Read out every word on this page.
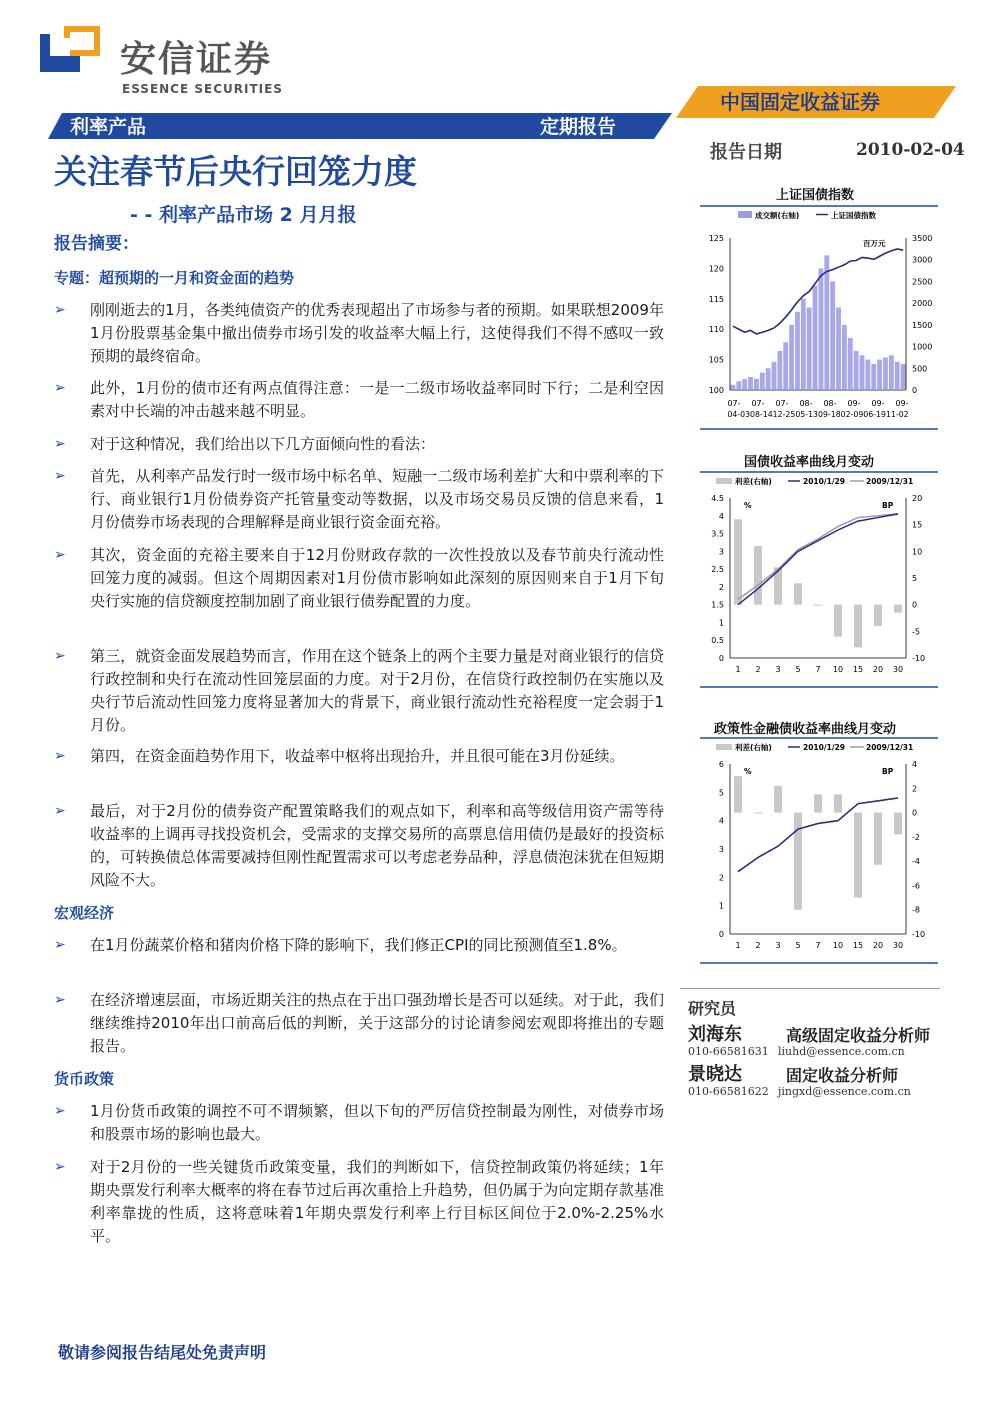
安信证券
ESSENCE SECURITIES
中国固定收益证券
利率产品	定期报告
关注春节后央行回笼力度
- - 利率产品市场 2 月月报
报告摘要：
专题：超预期的一月和资金面的趋势
➢ 刚刚逝去的1月，各类纯债资产的优秀表现超出了市场参与者的预期。如果联想2009年1月份股票基金集中撤出债券市场引发的收益率大幅上行，这使得我们不得不感叹一致预期的最终宿命。
➢ 此外，1月份的债市还有两点值得注意：一是一二级市场收益率同时下行；二是利空因素对中长端的冲击越来越不明显。
➢ 对于这种情况，我们给出以下几方面倾向性的看法：
➢ 首先，从利率产品发行时一级市场中标名单、短融一二级市场利差扩大和中票利率的下行、商业银行1月份债券资产托管量变动等数据，以及市场交易员反馈的信息来看，1月份债券市场表现的合理解释是商业银行资金面充裕。
➢ 其次，资金面的充裕主要来自于12月份财政存款的一次性投放以及春节前央行流动性回笼力度的减弱。但这个周期因素对1月份债市影响如此深刻的原因则来自于1月下旬央行实施的信贷额度控制加剧了商业银行债券配置的力度。
➢ 第三，就资金面发展趋势而言，作用在这个链条上的两个主要力量是对商业银行的信贷行政控制和央行在流动性回笼层面的力度。对于2月份，在信贷行政控制仍在实施以及央行节后流动性回笼力度将显著加大的背景下，商业银行流动性充裕程度一定会弱于1月份。
➢ 第四，在资金面趋势作用下，收益率中枢将出现抬升，并且很可能在3月份延续。
➢ 最后，对于2月份的债券资产配置策略我们的观点如下，利率和高等级信用资产需等待收益率的上调再寻找投资机会，受需求的支撑交易所的高票息信用债仍是最好的投资标的，可转换债总体需要减持但刚性配置需求可以考虑老券品种，浮息债泡沫犹在但短期风险不大。
宏观经济
➢ 在1月份蔬菜价格和猪肉价格下降的影响下，我们修正CPI的同比预测值至1.8%。
➢ 在经济增速层面，市场近期关注的热点在于出口强劲增长是否可以延续。对于此，我们继续维持2010年出口前高后低的判断，关于这部分的讨论请参阅宏观即将推出的专题报告。
货币政策
➢ 1月份货币政策的调控不可不谓频繁，但以下旬的严厉信贷控制最为刚性，对债券市场和股票市场的影响也最大。
➢ 对于2月份的一些关键货币政策变量，我们的判断如下，信贷控制政策仍将延续；1年期央票发行利率大概率的将在春节过后再次重拾上升趋势，但仍属于为向定期存款基准利率靠拢的性质，这将意味着1年期央票发行利率上行目标区间位于2.0%-2.25%水平。
报告日期	2010-02-04
上证国债指数
成交额(右轴)	上证国债指数
百万元
125
120
115
110
105
100
3500
3000
2500
2000
1500
1000
500
0
07- 07- 07- 08- 08- 09- 09- 09-
04-0308-1412-2505-1309-1802-0906-1911-02
国债收益率曲线月变动
利差(右轴)	2010/1/29	2009/12/31
%	BP
4.5
4
3.5
3
2.5
2
1.5
1
0.5
0
20
15
10
5
0
-5
-10
1 2 3 5 7 10 15 20 30
政策性金融债收益率曲线月变动
利差(右轴)	2010/1/29	2009/12/31
%	BP
6
5
4
3
2
1
0
4
2
0
-2
-4
-6
-8
-10
1 2 3 5 7 10 15 20 30
研究员
刘海东	高级固定收益分析师
010-66581631 liuhd@essence.com.cn
景晓达	固定收益分析师
010-66581622 jingxd@essence.com.cn
敬请参阅报告结尾处免责声明
